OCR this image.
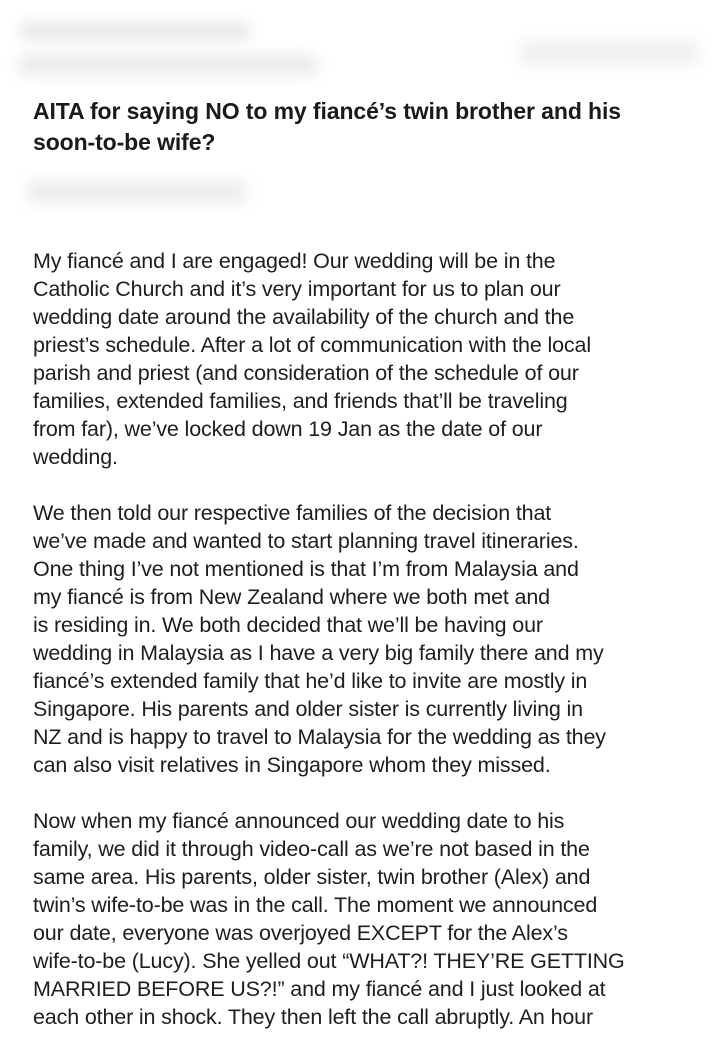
AITA for saying NO to my fiancé’s twin brother and his
soon-to-be wife?

My fiancé and I are engaged! Our wedding will be in the
Catholic Church and it’s very important for us to plan our
wedding date around the availability of the church and the
priest’s schedule. After a lot of communication with the local
parish and priest (and consideration of the schedule of our
families, extended families, and friends that’ll be traveling
from far), we’ve locked down 19 Jan as the date of our
wedding.

We then told our respective families of the decision that
we’ve made and wanted to start planning travel itineraries.
One thing I’ve not mentioned is that I’m from Malaysia and
my fiancé is from New Zealand where we both met and
is residing in. We both decided that we’ll be having our
wedding in Malaysia as I have a very big family there and my
fiancé’s extended family that he’d like to invite are mostly in
Singapore. His parents and older sister is currently living in
NZ and is happy to travel to Malaysia for the wedding as they
can also visit relatives in Singapore whom they missed.

Now when my fiancé announced our wedding date to his
family, we did it through video-call as we’re not based in the
same area. His parents, older sister, twin brother (Alex) and
twin’s wife-to-be was in the call. The moment we announced
our date, everyone was overjoyed EXCEPT for the Alex’s
wife-to-be (Lucy). She yelled out “WHAT?! THEY’RE GETTING
MARRIED BEFORE US?!” and my fiancé and I just looked at
each other in shock. They then left the call abruptly. An hour
